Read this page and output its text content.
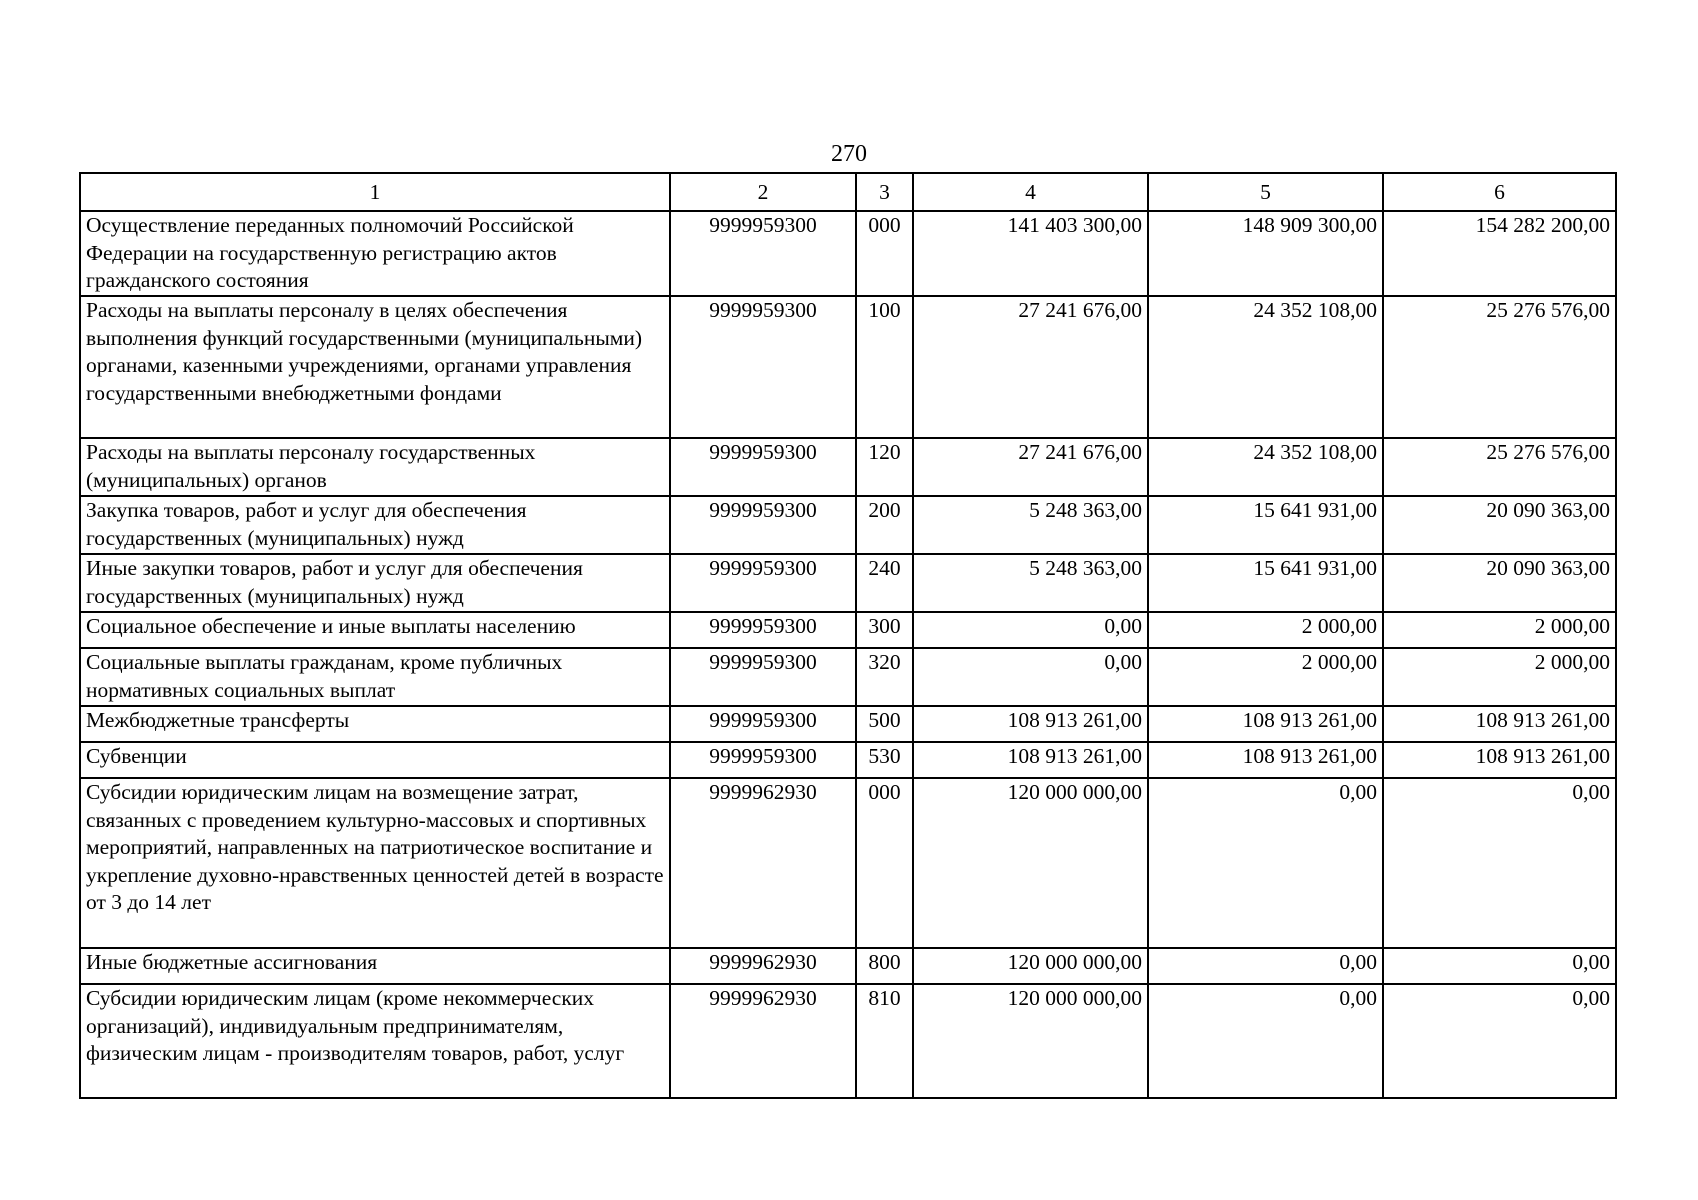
270
1	2	3	4	5	6
Осуществление переданных полномочий Российской Федерации на государственную регистрацию актов гражданского состояния	9999959300	000	141 403 300,00	148 909 300,00	154 282 200,00
Расходы на выплаты персоналу в целях обеспечения выполнения функций государственными (муниципальными) органами, казенными учреждениями, органами управления государственными внебюджетными фондами	9999959300	100	27 241 676,00	24 352 108,00	25 276 576,00
Расходы на выплаты персоналу государственных (муниципальных) органов	9999959300	120	27 241 676,00	24 352 108,00	25 276 576,00
Закупка товаров, работ и услуг для обеспечения государственных (муниципальных) нужд	9999959300	200	5 248 363,00	15 641 931,00	20 090 363,00
Иные закупки товаров, работ и услуг для обеспечения государственных (муниципальных) нужд	9999959300	240	5 248 363,00	15 641 931,00	20 090 363,00
Социальное обеспечение и иные выплаты населению	9999959300	300	0,00	2 000,00	2 000,00
Социальные выплаты гражданам, кроме публичных нормативных социальных выплат	9999959300	320	0,00	2 000,00	2 000,00
Межбюджетные трансферты	9999959300	500	108 913 261,00	108 913 261,00	108 913 261,00
Субвенции	9999959300	530	108 913 261,00	108 913 261,00	108 913 261,00
Субсидии юридическим лицам на возмещение затрат, связанных с проведением культурно-массовых и спортивных мероприятий, направленных на патриотическое воспитание и укрепление духовно-нравственных ценностей детей в возрасте от 3 до 14 лет	9999962930	000	120 000 000,00	0,00	0,00
Иные бюджетные ассигнования	9999962930	800	120 000 000,00	0,00	0,00
Субсидии юридическим лицам (кроме некоммерческих организаций), индивидуальным предпринимателям, физическим лицам - производителям товаров, работ, услуг	9999962930	810	120 000 000,00	0,00	0,00
